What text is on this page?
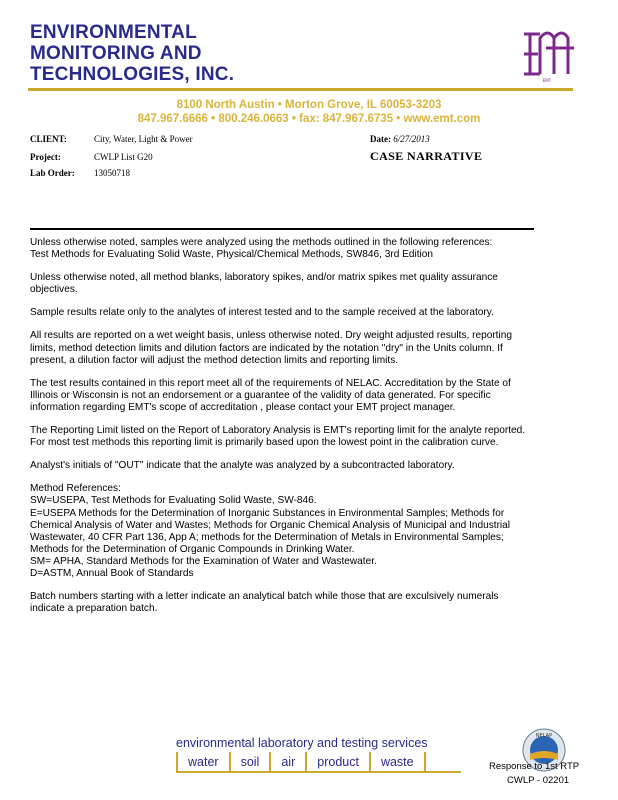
ENVIRONMENTAL
MONITORING AND
TECHNOLOGIES, INC.	EMT
8100 North Austin • Morton Grove, IL 60053-3203
847.967.6666 • 800.246.0663 • fax: 847.967.6735 • www.emt.com
CLIENT:	City, Water, Light & Power
Project:	CWLP List G20
Lab Order: 13050718
Date: 6/27/2013
CASE NARRATIVE

Unless otherwise noted, samples were analyzed using the methods outlined in the following references:
Test Methods for Evaluating Solid Waste, Physical/Chemical Methods, SW846, 3rd Edition

Unless otherwise noted, all method blanks, laboratory spikes, and/or matrix spikes met quality assurance objectives.

Sample results relate only to the analytes of interest tested and to the sample received at the laboratory.

All results are reported on a wet weight basis, unless otherwise noted. Dry weight adjusted results, reporting limits, method detection limits and dilution factors are indicated by the notation "dry" in the Units column. If present, a dilution factor will adjust the method detection limits and reporting limits.

The test results contained in this report meet all of the requirements of NELAC. Accreditation by the State of Illinois or Wisconsin is not an endorsement or a guarantee of the validity of data generated. For specific information regarding EMT's scope of accreditation , please contact your EMT project manager.

The Reporting Limit listed on the Report of Laboratory Analysis is EMT's reporting limit for the analyte reported. For most test methods this reporting limit is primarily based upon the lowest point in the calibration curve.

Analyst's initials of "OUT" indicate that the analyte was analyzed by a subcontracted laboratory.

Method References:

SW=USEPA, Test Methods for Evaluating Solid Waste, SW-846.

E=USEPA Methods for the Determination of Inorganic Substances in Environmental Samples; Methods for Chemical Analysis of Water and Wastes; Methods for Organic Chemical Analysis of Municipal and Industrial Wastewater, 40 CFR Part 136, App A; methods for the Determination of Metals in Environmental Samples; Methods for the Determination of Organic Compounds in Drinking Water.

SM= APHA, Standard Methods for the Examination of Water and Wastewater.

D=ASTM, Annual Book of Standards

Batch numbers starting with a letter indicate an analytical batch while those that are exculsively numerals indicate a preparation batch.

environmental laboratory and testing services
water	soil	air	product	waste
NELAP
Response to 1st RTP
CWLP - 02201
